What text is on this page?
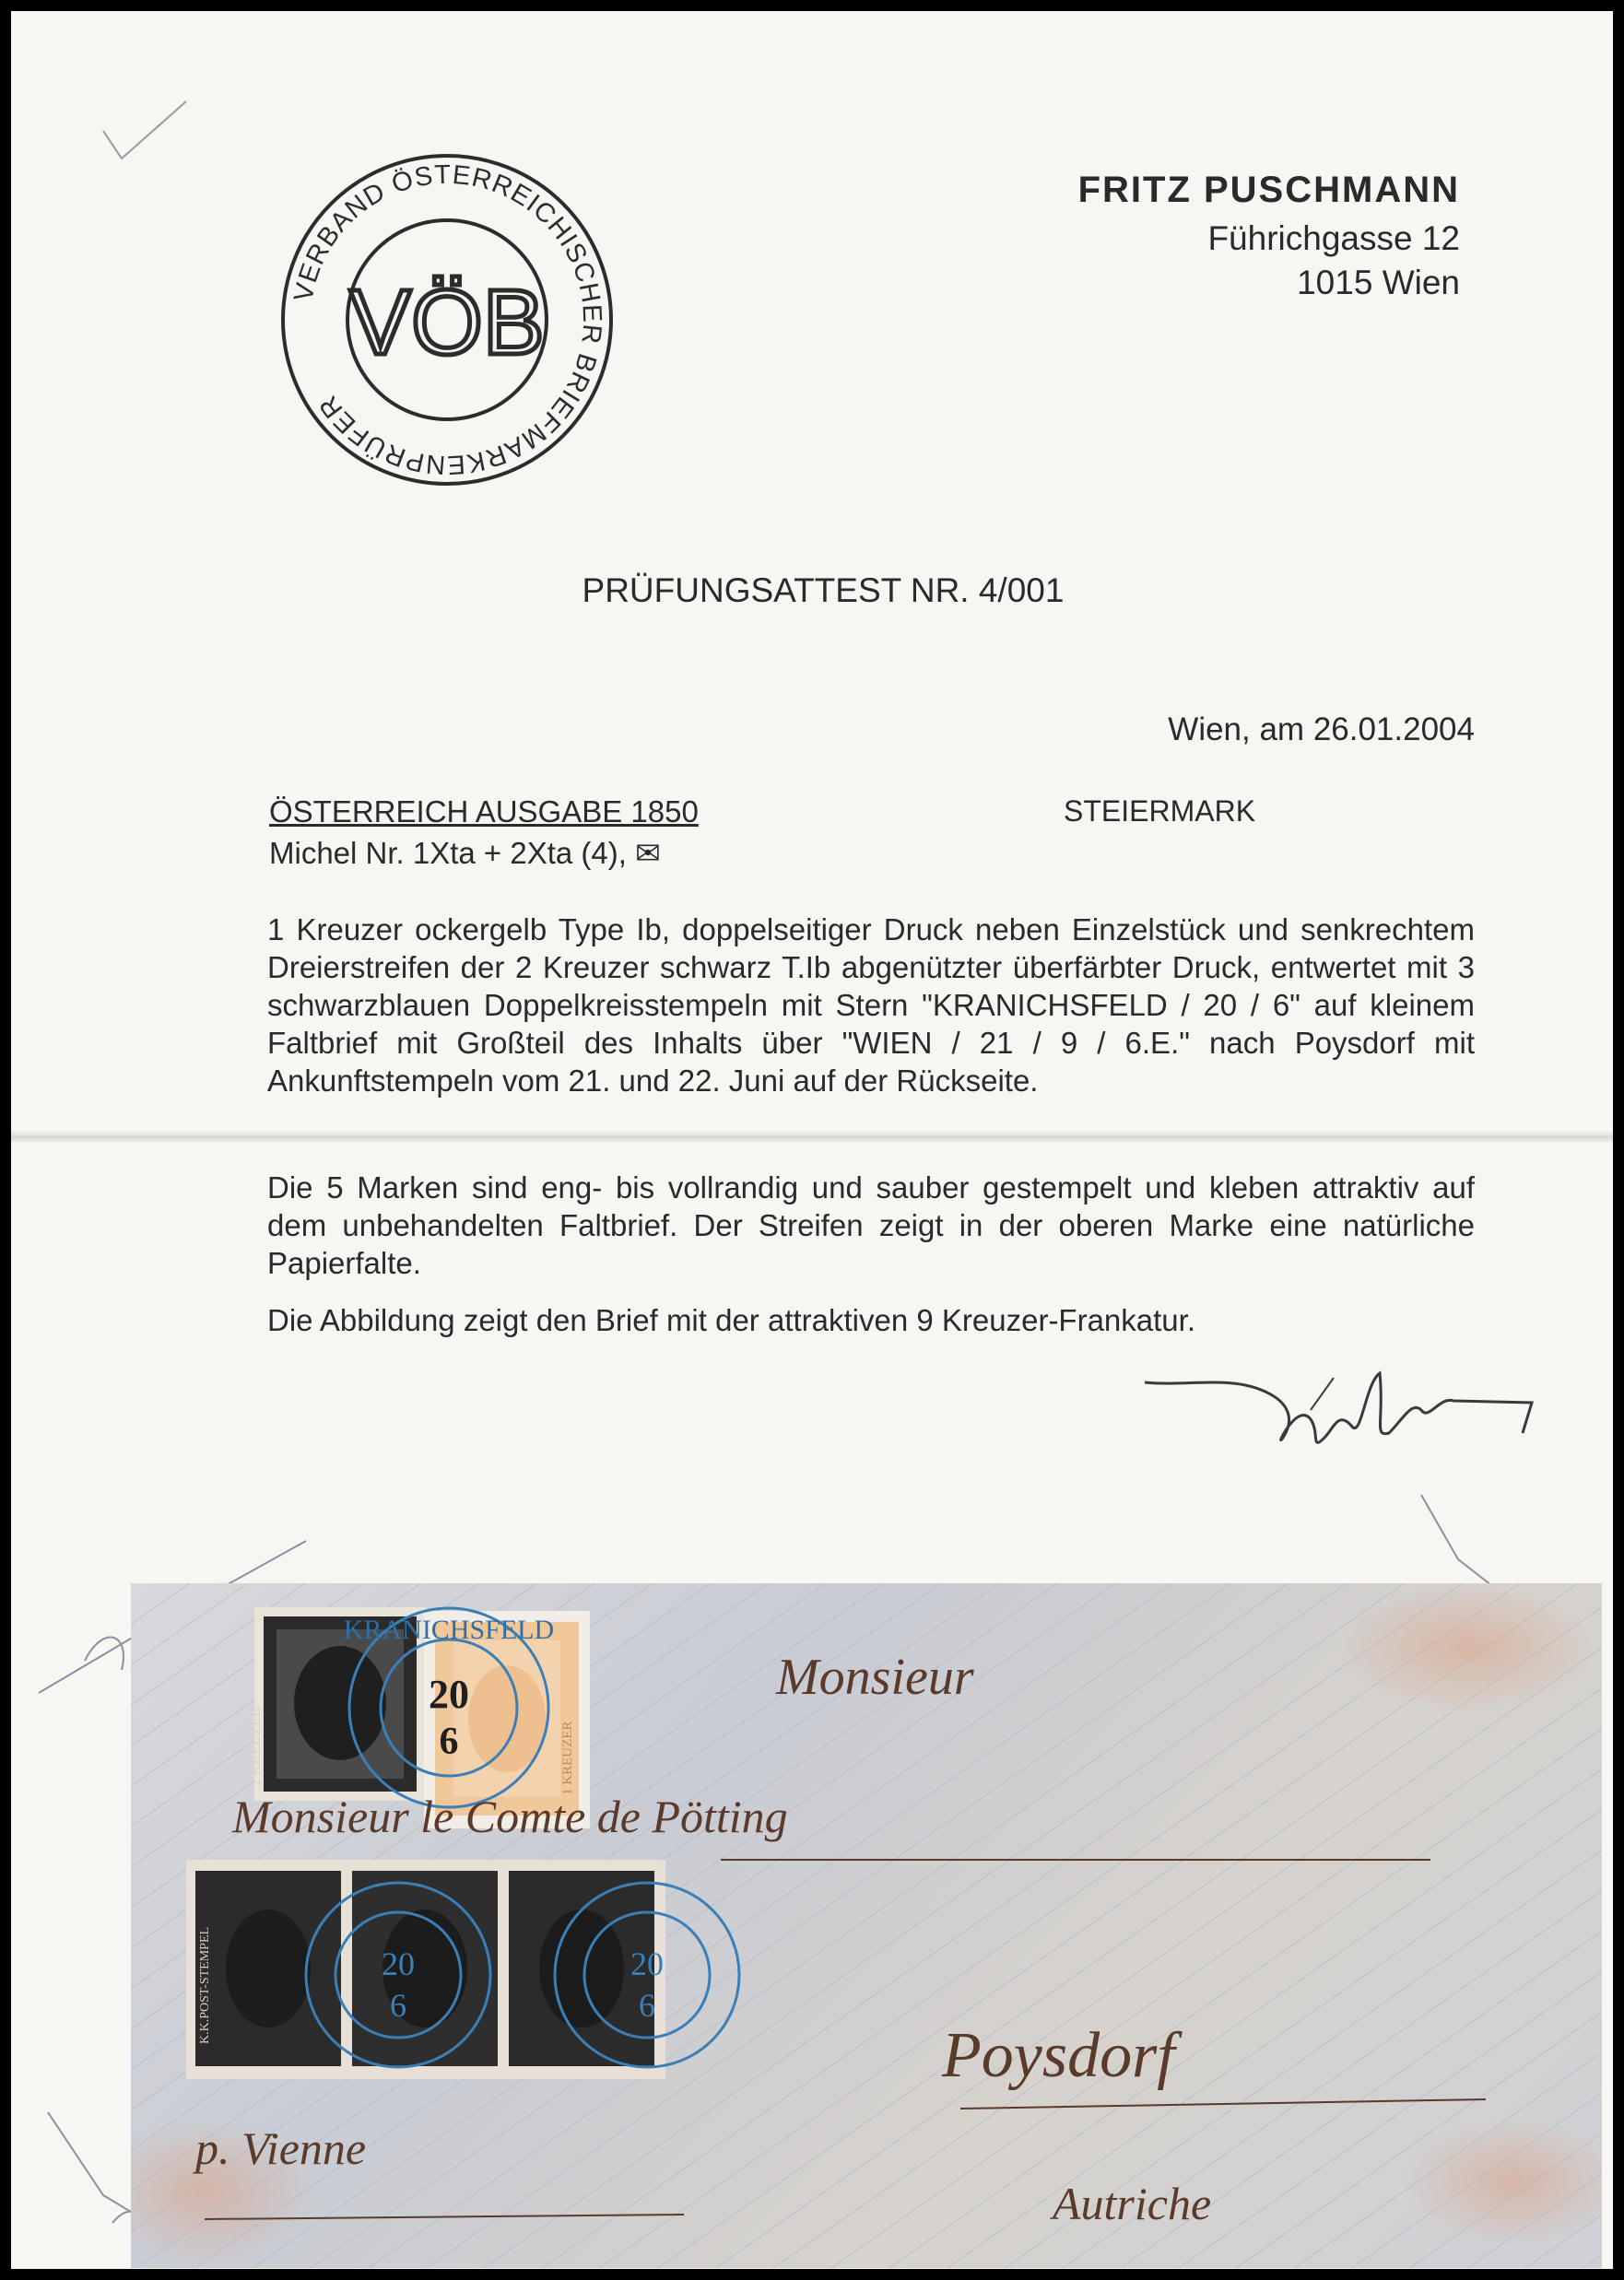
VERBAND ÖSTERREICHISCHER BRIEFMARKENPRÜFER
VÖB
FRITZ PUSCHMANN
Führichgasse 12
1015 Wien
PRÜFUNGSATTEST NR. 4/001
Wien, am 26.01.2004
ÖSTERREICH AUSGABE 1850	STEIERMARK
Michel Nr. 1Xta + 2Xta (4), ✉

1 Kreuzer ockergelb Type Ib, doppelseitiger Druck neben Einzelstück und senkrechtem Dreierstreifen der 2 Kreuzer schwarz T.Ib abgenützter überfärbter Druck, entwertet mit 3 schwarzblauen Doppelkreisstempeln mit Stern "KRANICHSFELD / 20 / 6" auf kleinem Faltbrief mit Großteil des Inhalts über "WIEN / 21 / 9 / 6.E." nach Poysdorf mit Ankunftstempeln vom 21. und 22. Juni auf der Rückseite.

Die 5 Marken sind eng- bis vollrandig und sauber gestempelt und kleben attraktiv auf dem unbehandelten Faltbrief. Der Streifen zeigt in der oberen Marke eine natürliche Papierfalte.

Die Abbildung zeigt den Brief mit der attraktiven 9 Kreuzer-Frankatur.

KRANICHSFELD
20
6
20	20
6	6
2 KREUZER	1 KREUZER
K.K.POST-STEMPEL
Monsieur
Monsieur le Comte de Pötting
Poysdorf
p. Vienne
Autriche
